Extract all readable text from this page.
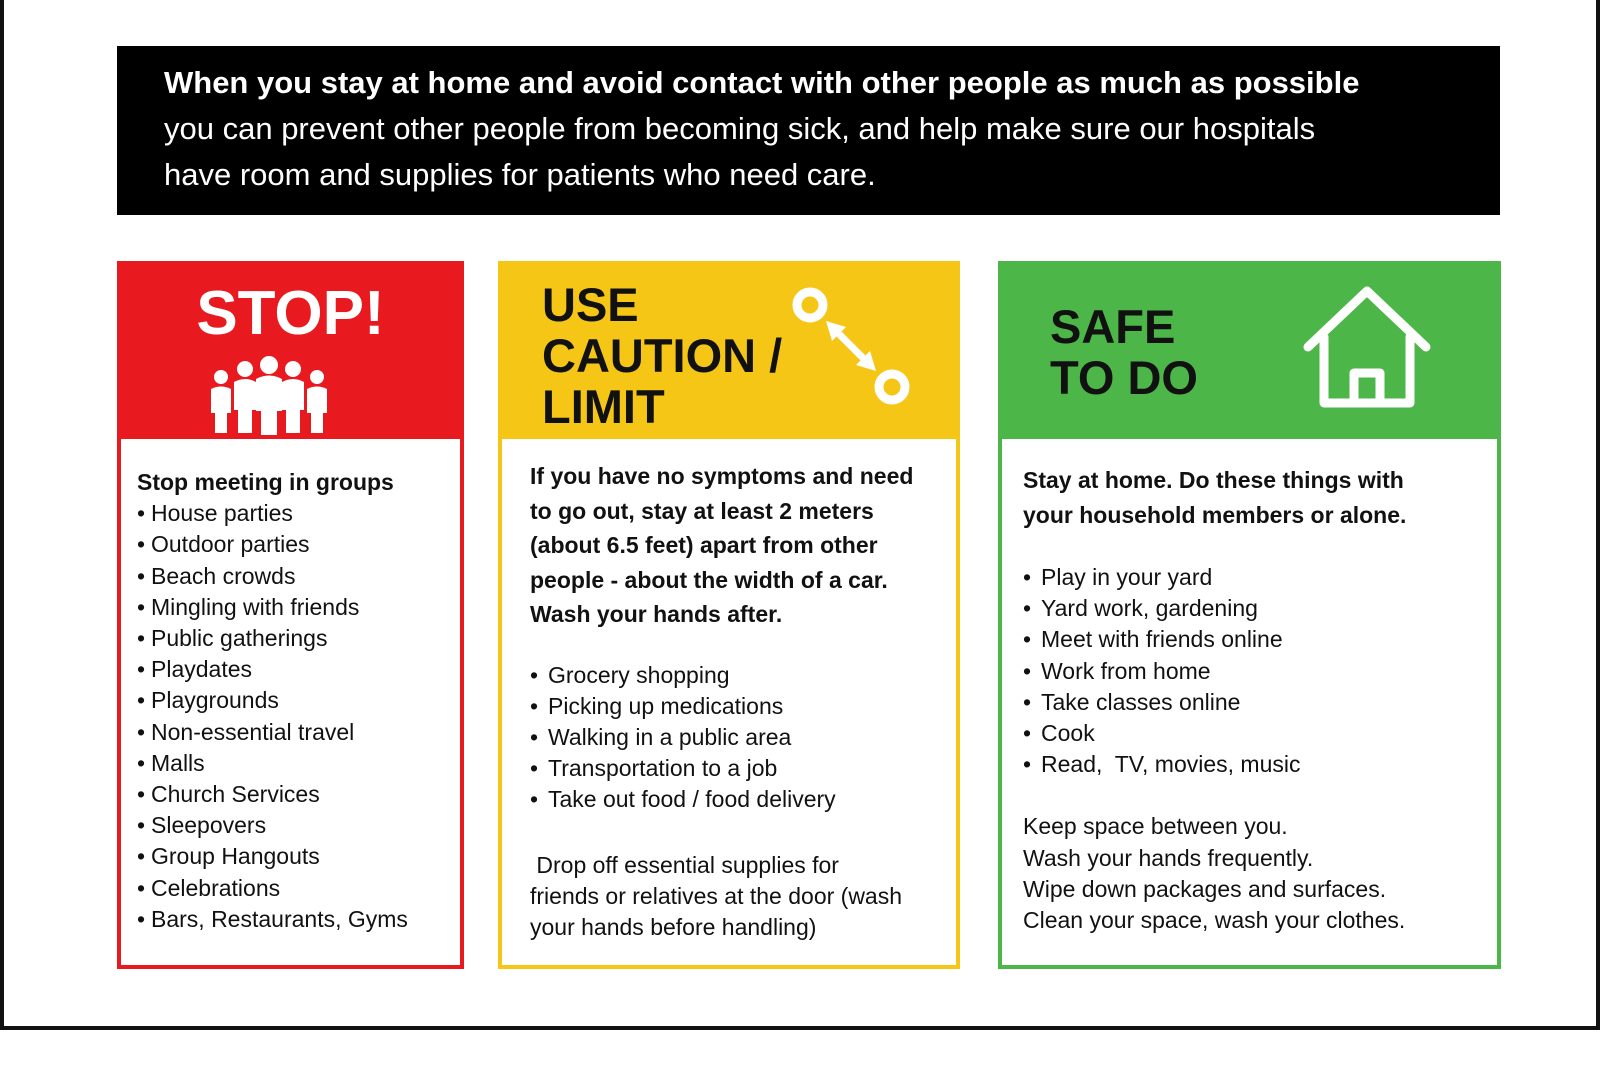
When you stay at home and avoid contact with other people as much as possible
you can prevent other people from becoming sick, and help make sure our hospitals
have room and supplies for patients who need care.
STOP!

Stop meeting in groups

• House parties
• Outdoor parties
• Beach crowds
• Mingling with friends
• Public gatherings
• Playdates
• Playgrounds
• Non-essential travel
• Malls
• Church Services
• Sleepovers
• Group Hangouts
• Celebrations
• Bars, Restaurants, Gyms
USE
CAUTION /
LIMIT
If you have no symptoms and need
to go out, stay at least 2 meters
(about 6.5 feet) apart from other
people - about the width of a car.
Wash your hands after.
• Grocery shopping
• Picking up medications
• Walking in a public area
• Transportation to a job
• Take out food / food delivery
Drop off essential supplies for
friends or relatives at the door (wash
your hands before handling)
SAFE
TO DO
Stay at home. Do these things with
your household members or alone.
• Play in your yard
• Yard work, gardening
• Meet with friends online
• Work from home
• Take classes online
• Cook
• Read,  TV, movies, music
Keep space between you.
Wash your hands frequently.
Wipe down packages and surfaces.
Clean your space, wash your clothes.
